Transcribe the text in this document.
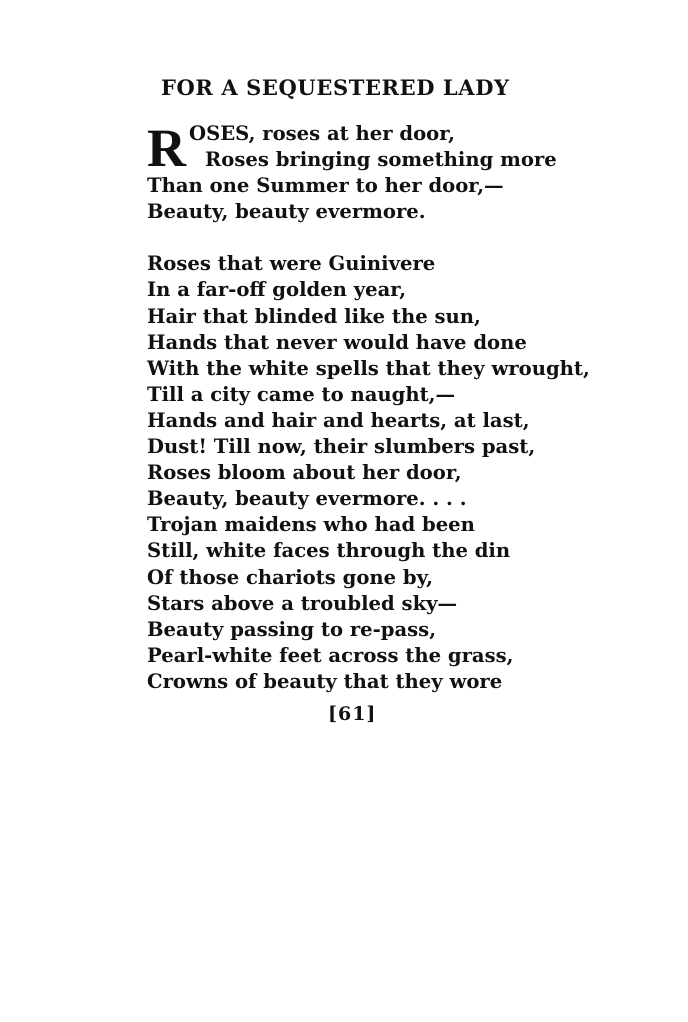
FOR A SEQUESTERED LADY
R OSES, roses at her door,
Roses bringing something more
Than one Summer to her door,—
Beauty, beauty evermore.
Roses that were Guinivere
In a far-off golden year,
Hair that blinded like the sun,
Hands that never would have done
With the white spells that they wrought,
Till a city came to naught,—
Hands and hair and hearts, at last,
Dust! Till now, their slumbers past,
Roses bloom about her door,
Beauty, beauty evermore. . . .
Trojan maidens who had been
Still, white faces through the din
Of those chariots gone by,
Stars above a troubled sky—
Beauty passing to re-pass,
Pearl-white feet across the grass,
Crowns of beauty that they wore
[61]
